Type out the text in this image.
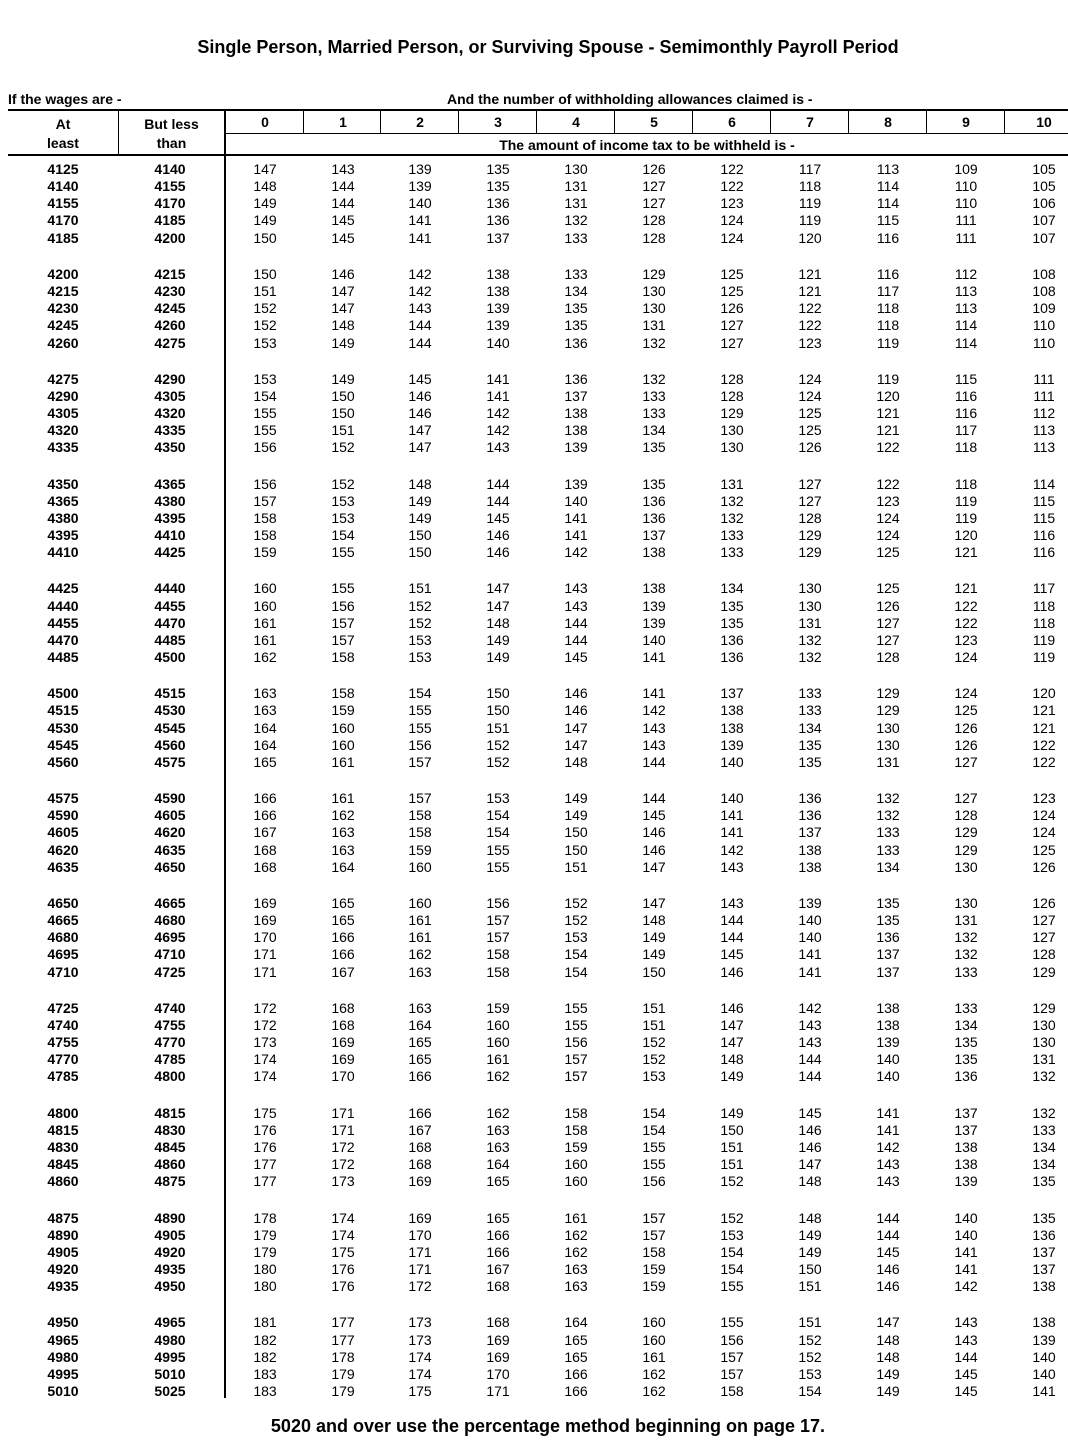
Single Person, Married Person, or Surviving Spouse - Semimonthly Payroll Period
If the wages are -	And the number of withholding allowances claimed is -
At
least
But less
than
0	1	2	3	4	5	6	7	8	9	10
The amount of income tax to be withheld is -
4125	4140	147	143	139	135	130	126	122	117	113	109	105
4140	4155	148	144	139	135	131	127	122	118	114	110	105
4155	4170	149	144	140	136	131	127	123	119	114	110	106
4170	4185	149	145	141	136	132	128	124	119	115	111	107
4185	4200	150	145	141	137	133	128	124	120	116	111	107
4200	4215	150	146	142	138	133	129	125	121	116	112	108
4215	4230	151	147	142	138	134	130	125	121	117	113	108
4230	4245	152	147	143	139	135	130	126	122	118	113	109
4245	4260	152	148	144	139	135	131	127	122	118	114	110
4260	4275	153	149	144	140	136	132	127	123	119	114	110
4275	4290	153	149	145	141	136	132	128	124	119	115	111
4290	4305	154	150	146	141	137	133	128	124	120	116	111
4305	4320	155	150	146	142	138	133	129	125	121	116	112
4320	4335	155	151	147	142	138	134	130	125	121	117	113
4335	4350	156	152	147	143	139	135	130	126	122	118	113
4350	4365	156	152	148	144	139	135	131	127	122	118	114
4365	4380	157	153	149	144	140	136	132	127	123	119	115
4380	4395	158	153	149	145	141	136	132	128	124	119	115
4395	4410	158	154	150	146	141	137	133	129	124	120	116
4410	4425	159	155	150	146	142	138	133	129	125	121	116
4425	4440	160	155	151	147	143	138	134	130	125	121	117
4440	4455	160	156	152	147	143	139	135	130	126	122	118
4455	4470	161	157	152	148	144	139	135	131	127	122	118
4470	4485	161	157	153	149	144	140	136	132	127	123	119
4485	4500	162	158	153	149	145	141	136	132	128	124	119
4500	4515	163	158	154	150	146	141	137	133	129	124	120
4515	4530	163	159	155	150	146	142	138	133	129	125	121
4530	4545	164	160	155	151	147	143	138	134	130	126	121
4545	4560	164	160	156	152	147	143	139	135	130	126	122
4560	4575	165	161	157	152	148	144	140	135	131	127	122
4575	4590	166	161	157	153	149	144	140	136	132	127	123
4590	4605	166	162	158	154	149	145	141	136	132	128	124
4605	4620	167	163	158	154	150	146	141	137	133	129	124
4620	4635	168	163	159	155	150	146	142	138	133	129	125
4635	4650	168	164	160	155	151	147	143	138	134	130	126
4650	4665	169	165	160	156	152	147	143	139	135	130	126
4665	4680	169	165	161	157	152	148	144	140	135	131	127
4680	4695	170	166	161	157	153	149	144	140	136	132	127
4695	4710	171	166	162	158	154	149	145	141	137	132	128
4710	4725	171	167	163	158	154	150	146	141	137	133	129
4725	4740	172	168	163	159	155	151	146	142	138	133	129
4740	4755	172	168	164	160	155	151	147	143	138	134	130
4755	4770	173	169	165	160	156	152	147	143	139	135	130
4770	4785	174	169	165	161	157	152	148	144	140	135	131
4785	4800	174	170	166	162	157	153	149	144	140	136	132
4800	4815	175	171	166	162	158	154	149	145	141	137	132
4815	4830	176	171	167	163	158	154	150	146	141	137	133
4830	4845	176	172	168	163	159	155	151	146	142	138	134
4845	4860	177	172	168	164	160	155	151	147	143	138	134
4860	4875	177	173	169	165	160	156	152	148	143	139	135
4875	4890	178	174	169	165	161	157	152	148	144	140	135
4890	4905	179	174	170	166	162	157	153	149	144	140	136
4905	4920	179	175	171	166	162	158	154	149	145	141	137
4920	4935	180	176	171	167	163	159	154	150	146	141	137
4935	4950	180	176	172	168	163	159	155	151	146	142	138
4950	4965	181	177	173	168	164	160	155	151	147	143	138
4965	4980	182	177	173	169	165	160	156	152	148	143	139
4980	4995	182	178	174	169	165	161	157	152	148	144	140
4995	5010	183	179	174	170	166	162	157	153	149	145	140
5010	5025	183	179	175	171	166	162	158	154	149	145	141
5020 and over use the percentage method beginning on page 17.
